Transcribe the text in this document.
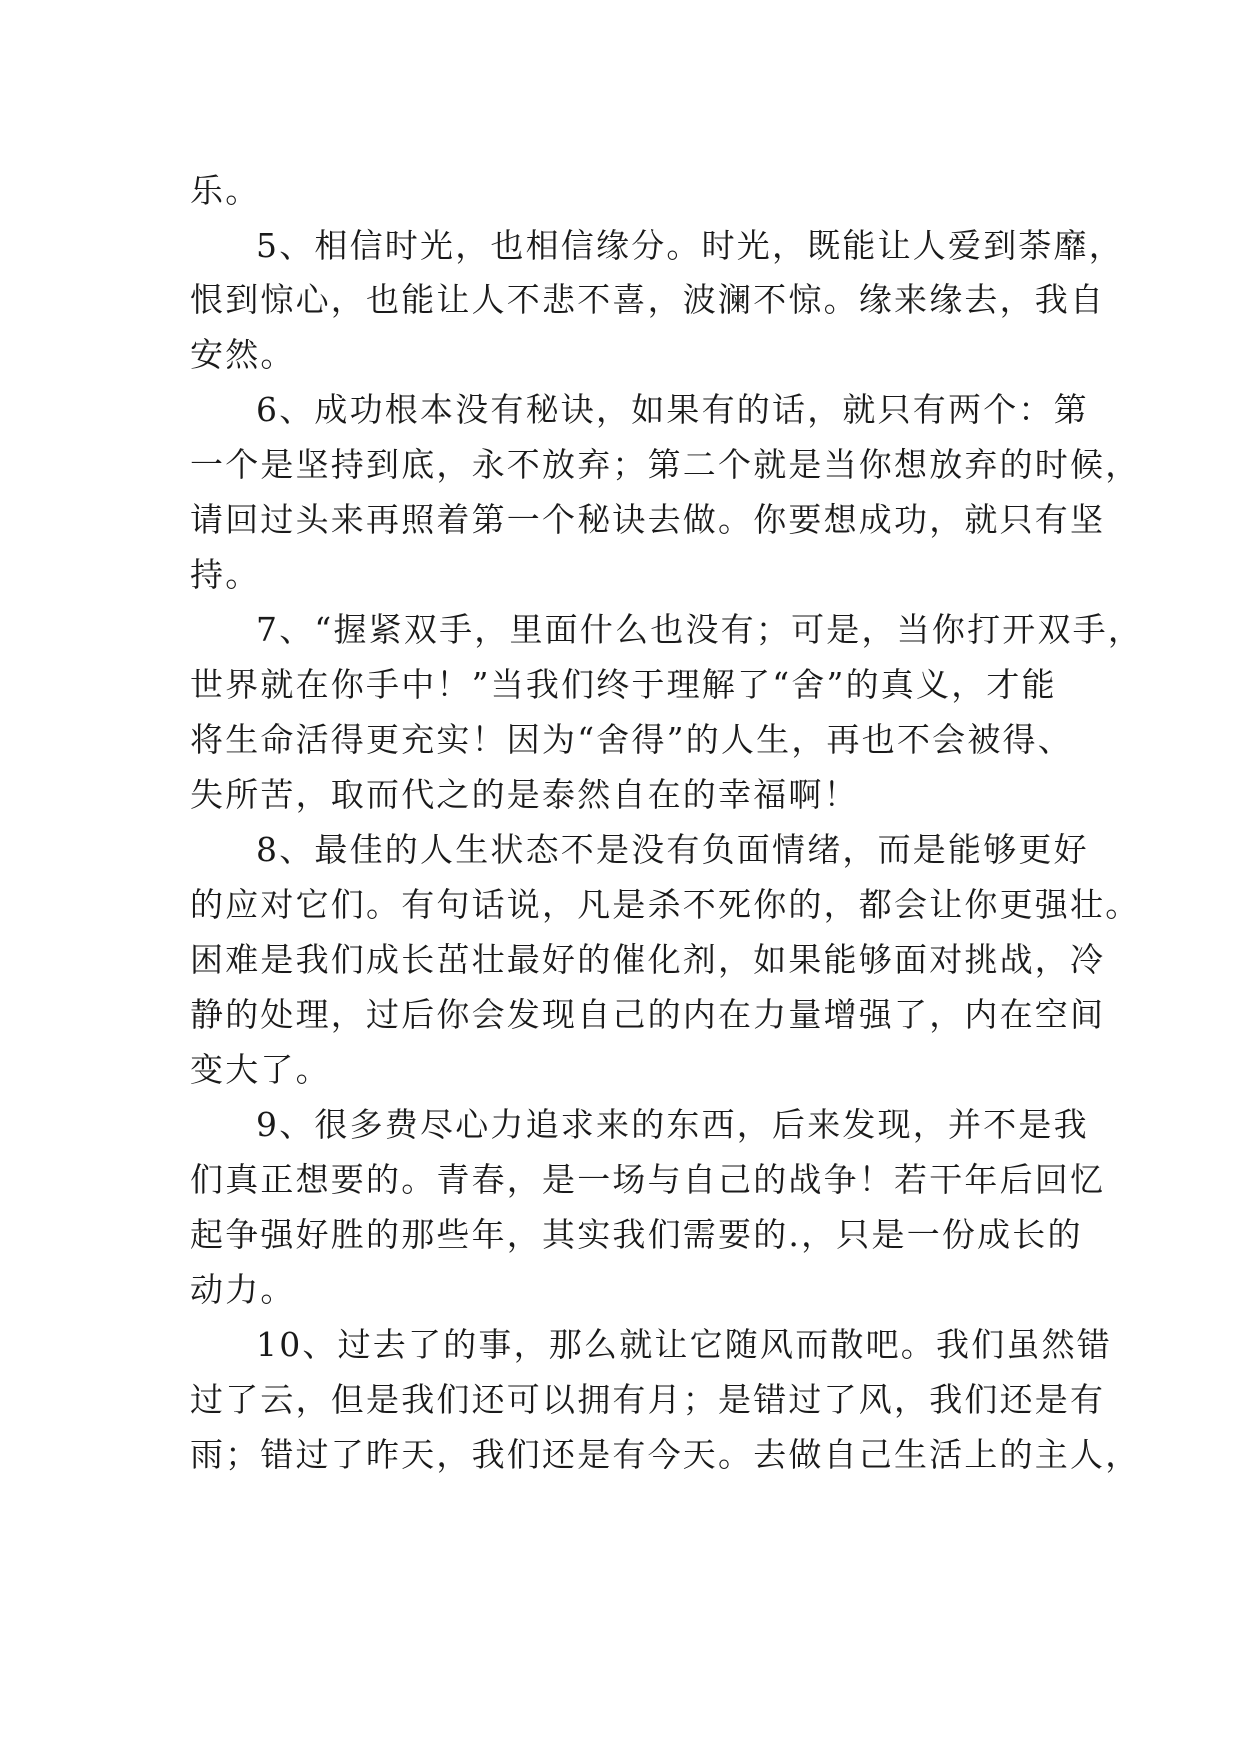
乐。
5、相信时光，也相信缘分。时光，既能让人爱到荼靡，
恨到惊心，也能让人不悲不喜，波澜不惊。缘来缘去，我自
安然。
6、成功根本没有秘诀，如果有的话，就只有两个：第
一个是坚持到底，永不放弃；第二个就是当你想放弃的时候，
请回过头来再照着第一个秘诀去做。你要想成功，就只有坚
持。
7、“握紧双手，里面什么也没有；可是，当你打开双手，
世界就在你手中！”当我们终于理解了“舍”的真义，才能
将生命活得更充实！因为“舍得”的人生，再也不会被得、
失所苦，取而代之的是泰然自在的幸福啊！
8、最佳的人生状态不是没有负面情绪，而是能够更好
的应对它们。有句话说，凡是杀不死你的，都会让你更强壮。
困难是我们成长茁壮最好的催化剂，如果能够面对挑战，冷
静的处理，过后你会发现自己的内在力量增强了，内在空间
变大了。
9、很多费尽心力追求来的东西，后来发现，并不是我
们真正想要的。青春，是一场与自己的战争！若干年后回忆
起争强好胜的那些年，其实我们需要的.，只是一份成长的
动力。
10、过去了的事，那么就让它随风而散吧。我们虽然错
过了云，但是我们还可以拥有月；是错过了风，我们还是有
雨；错过了昨天，我们还是有今天。去做自己生活上的主人，
